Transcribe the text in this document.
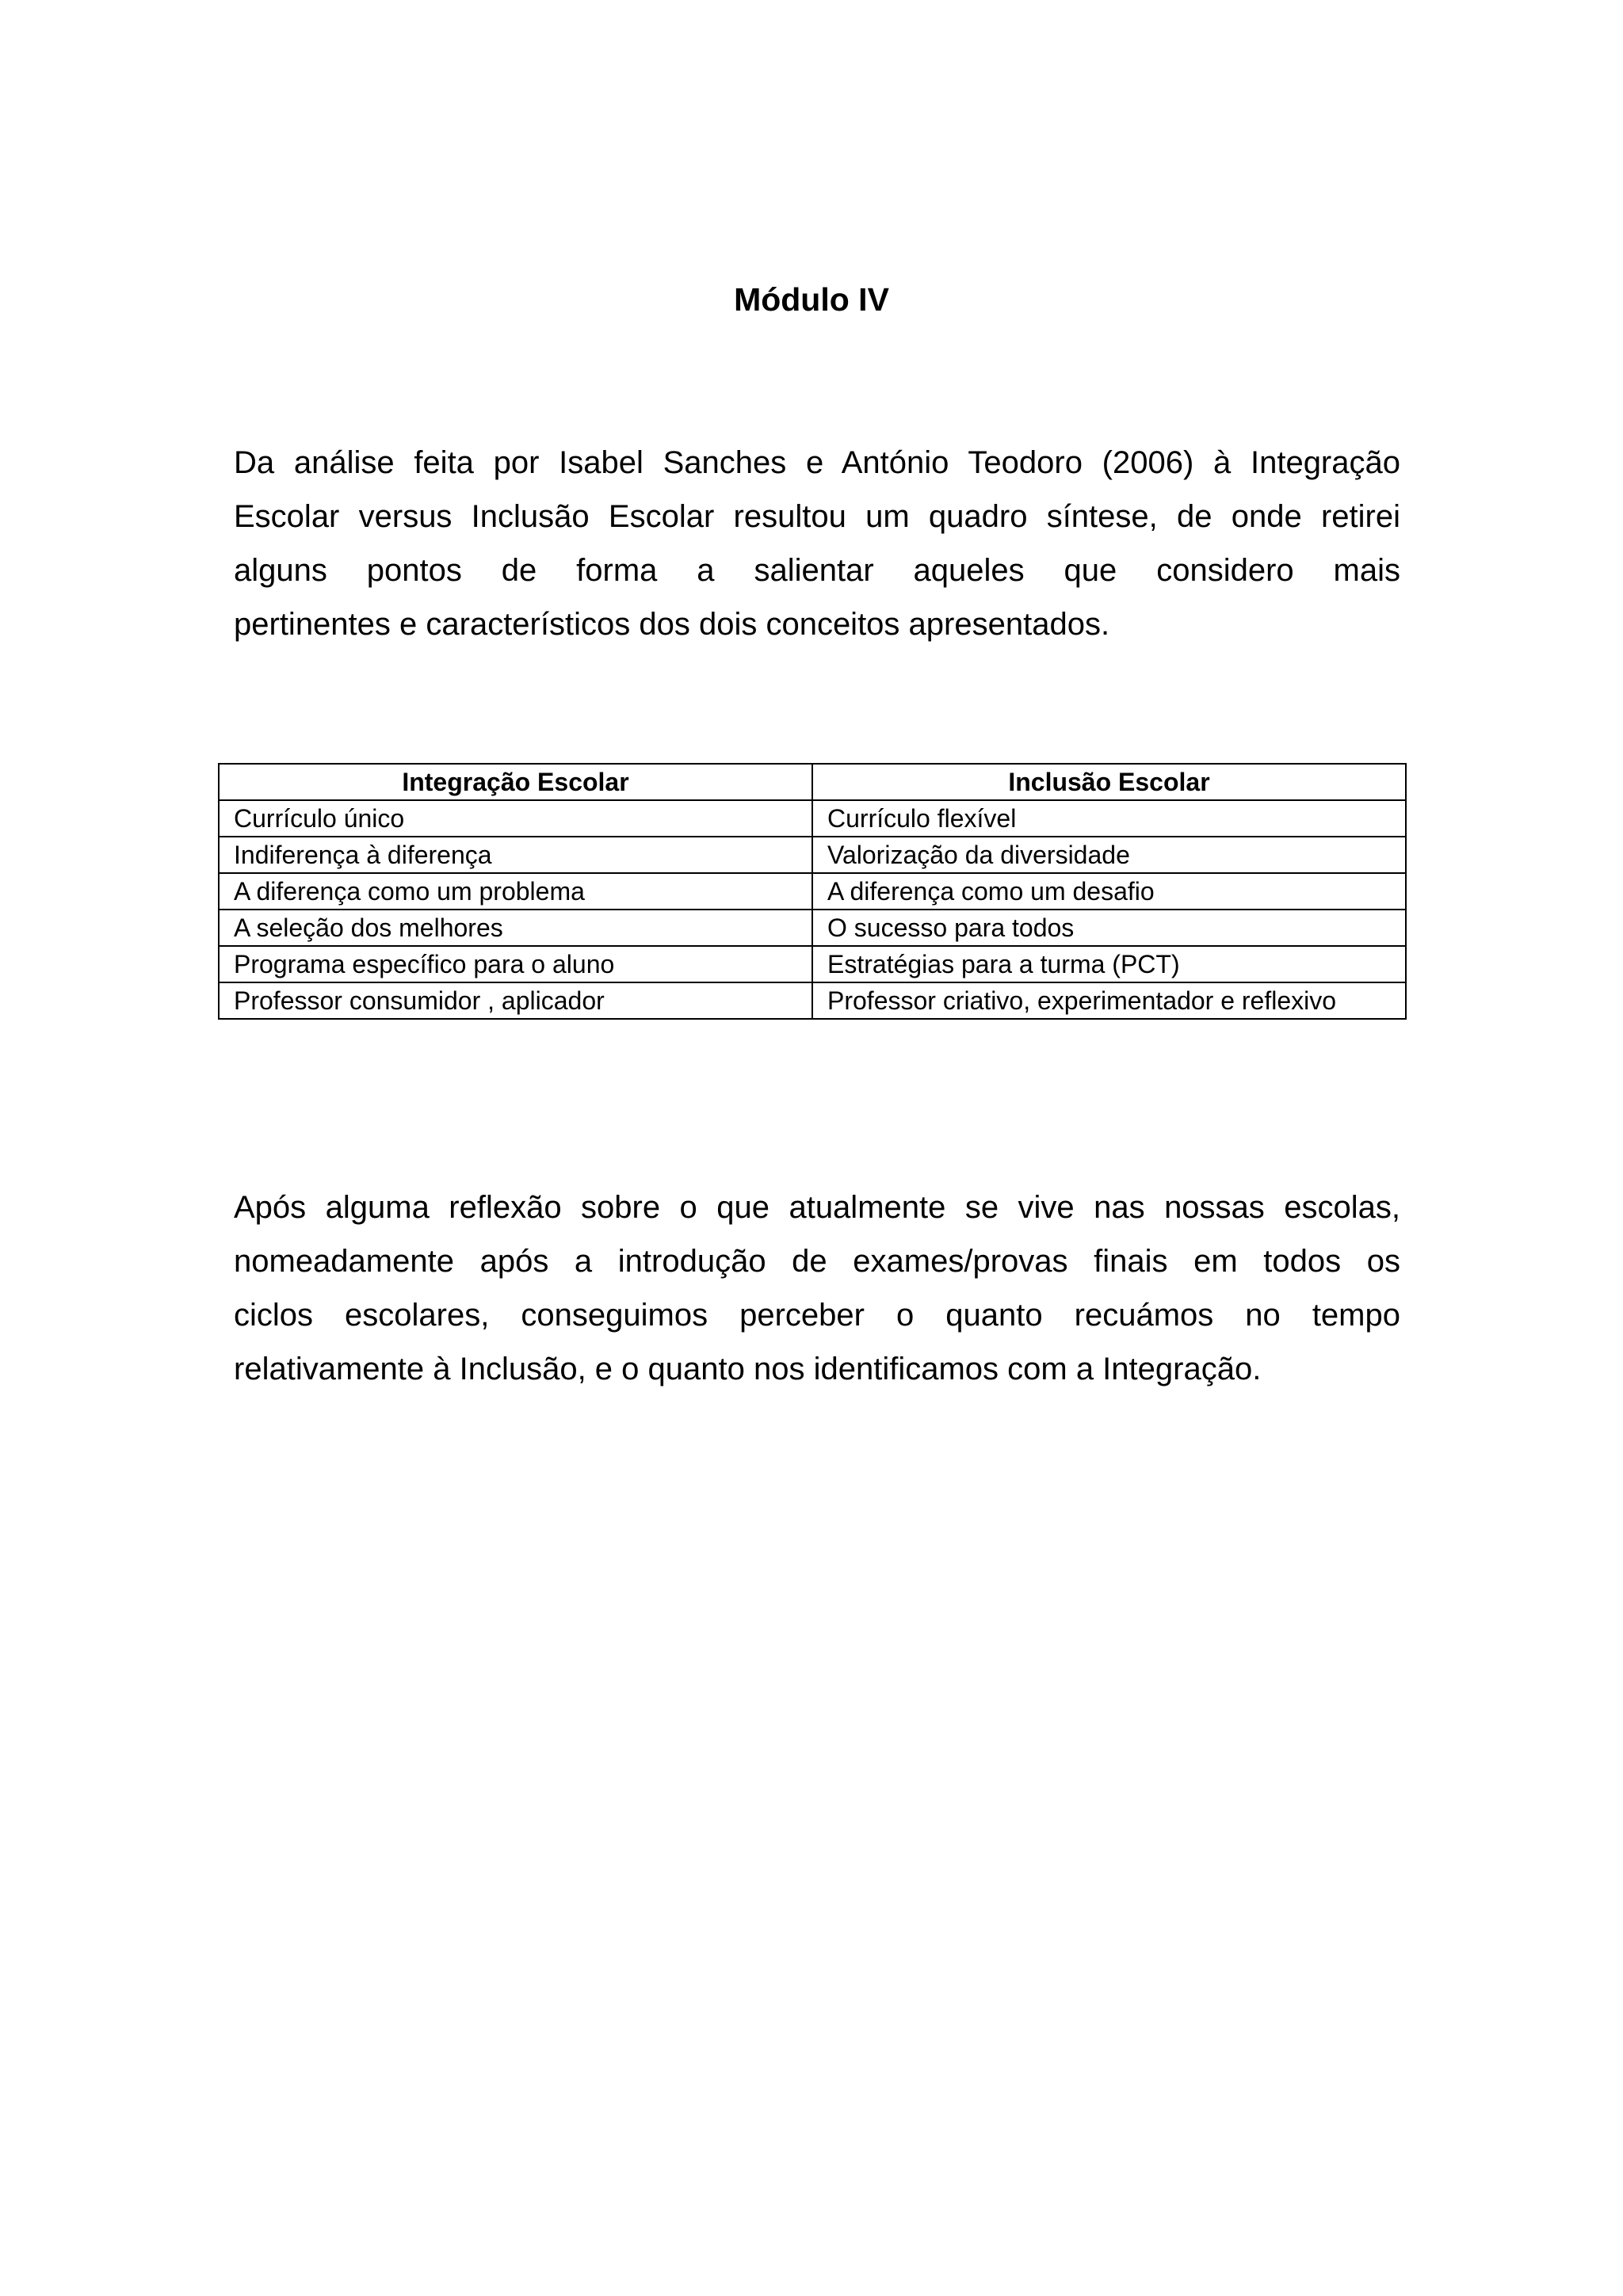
Módulo IV

Da análise feita por Isabel Sanches e António Teodoro (2006) à Integração
Escolar versus Inclusão Escolar resultou um quadro síntese, de onde retirei
alguns pontos de forma a salientar aqueles que considero mais
pertinentes e característicos dos dois conceitos apresentados.

Integração Escolar	Inclusão Escolar
Currículo único	Currículo flexível
Indiferença à diferença	Valorização da diversidade
A diferença como um problema	A diferença como um desafio
A seleção dos melhores	O sucesso para todos
Programa específico para o aluno	Estratégias para a turma (PCT)
Professor consumidor , aplicador	Professor criativo, experimentador e reflexivo

Após alguma reflexão sobre o que atualmente se vive nas nossas escolas,
nomeadamente após a introdução de exames/provas finais em todos os
ciclos escolares, conseguimos perceber o quanto recuámos no tempo
relativamente à Inclusão, e o quanto nos identificamos com a Integração.
